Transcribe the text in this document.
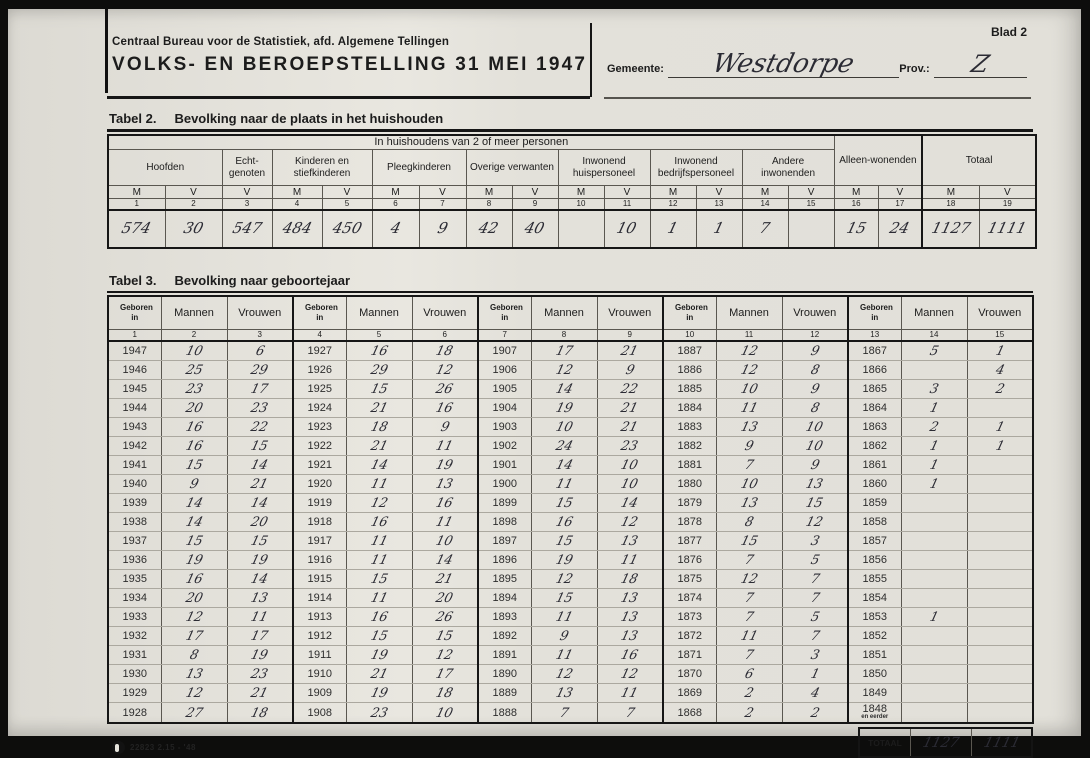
Centraal Bureau voor de Statistiek, afd. Algemene Tellingen
VOLKS- EN BEROEPSTELLING 31 MEI 1947
Blad 2
Gemeente:	Westdorpe	Prov.:	Z
Tabel 2. Bevolking naar de plaats in het huishouden
In huishoudens van 2 of meer personen															Alleen-wonenden		Totaal	
Hoofden		Echt-genoten	Kinderen en stiefkinderen		Pleegkinderen		Overige verwanten		Inwonend huispersoneel		Inwonend bedrijfspersoneel		Andere inwonenden					
M	V	V	M	V	M	V	M	V	M	V	M	V	M	V	M	V	M	V
1	2	3	4	5	6	7	8	9	10	11	12	13	14	15	16	17	18	19
574	30	547	484	450	4	9	42	40		10	1	1	7		15	24	1127	1111
Tabel 3. Bevolking naar geboortejaar
Geboren in	Mannen	Vrouwen	Geboren in	Mannen	Vrouwen	Geboren in	Mannen	Vrouwen	Geboren in	Mannen	Vrouwen	Geboren in	Mannen	Vrouwen
1	2	3	4	5	6	7	8	9	10	11	12	13	14	15
1947	10	6	1927	16	18	1907	17	21	1887	12	9	1867	5	1
1946	25	29	1926	29	12	1906	12	9	1886	12	8	1866		4
1945	23	17	1925	15	26	1905	14	22	1885	10	9	1865	3	2
1944	20	23	1924	21	16	1904	19	21	1884	11	8	1864	1	
1943	16	22	1923	18	9	1903	10	21	1883	13	10	1863	2	1
1942	16	15	1922	21	11	1902	24	23	1882	9	10	1862	1	1
1941	15	14	1921	14	19	1901	14	10	1881	7	9	1861	1	
1940	9	21	1920	11	13	1900	11	10	1880	10	13	1860	1	
1939	14	14	1919	12	16	1899	15	14	1879	13	15	1859		
1938	14	20	1918	16	11	1898	16	12	1878	8	12	1858		
1937	15	15	1917	11	10	1897	15	13	1877	15	3	1857		
1936	19	19	1916	11	14	1896	19	11	1876	7	5	1856		
1935	16	14	1915	15	21	1895	12	18	1875	12	7	1855		
1934	20	13	1914	11	20	1894	15	13	1874	7	7	1854		
1933	12	11	1913	16	26	1893	11	13	1873	7	5	1853	1	
1932	17	17	1912	15	15	1892	9	13	1872	11	7	1852		
1931	8	19	1911	19	12	1891	11	16	1871	7	3	1851		
1930	13	23	1910	21	17	1890	12	12	1870	6	1	1850		
1929	12	21	1909	19	18	1889	13	11	1869	2	4	1849		
1928	27	18	1908	23	10	1888	7	7	1868	2	2	1848
en eerder		

22823 2.15 - '48	TOTAAL	1127 1111
